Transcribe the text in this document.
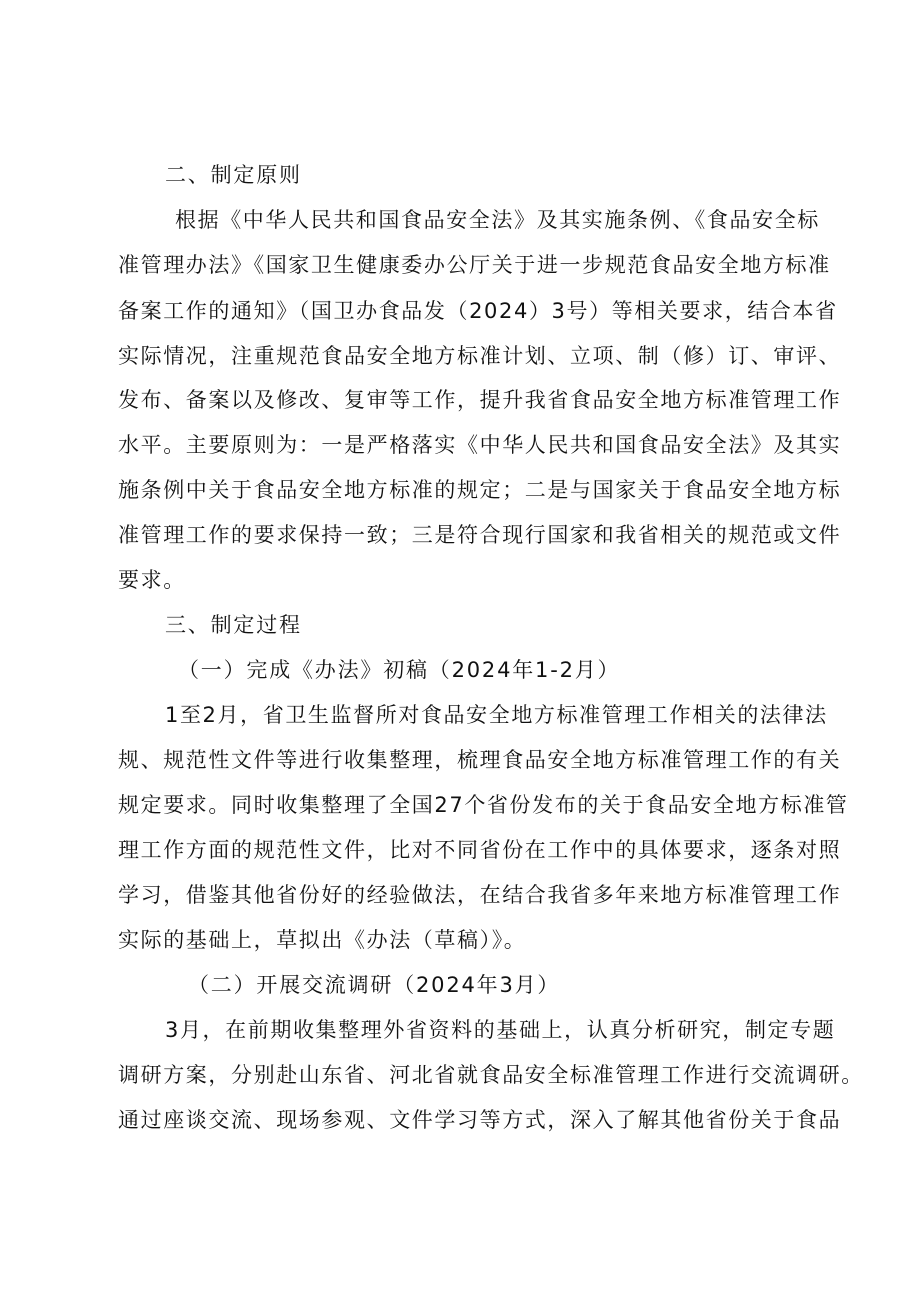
二、制定原则
根据《中华人民共和国食品安全法》及其实施条例、《食品安全标
准管理办法》《国家卫生健康委办公厅关于进一步规范食品安全地方标准
备案工作的通知》（国卫办食品发（2024）3号）等相关要求，结合本省
实际情况，注重规范食品安全地方标准计划、立项、制（修）订、审评、
发布、备案以及修改、复审等工作，提升我省食品安全地方标准管理工作
水平。主要原则为：一是严格落实《中华人民共和国食品安全法》及其实
施条例中关于食品安全地方标准的规定；二是与国家关于食品安全地方标
准管理工作的要求保持一致；三是符合现行国家和我省相关的规范或文件
要求。
三、制定过程
（一）完成《办法》初稿（2024年1-2月）
1至2月，省卫生监督所对食品安全地方标准管理工作相关的法律法
规、规范性文件等进行收集整理，梳理食品安全地方标准管理工作的有关
规定要求。同时收集整理了全国27个省份发布的关于食品安全地方标准管
理工作方面的规范性文件，比对不同省份在工作中的具体要求，逐条对照
学习，借鉴其他省份好的经验做法，在结合我省多年来地方标准管理工作
实际的基础上，草拟出《办法（草稿）》。
（二）开展交流调研（2024年3月）
3月，在前期收集整理外省资料的基础上，认真分析研究，制定专题
调研方案，分别赴山东省、河北省就食品安全标准管理工作进行交流调研。
通过座谈交流、现场参观、文件学习等方式，深入了解其他省份关于食品
